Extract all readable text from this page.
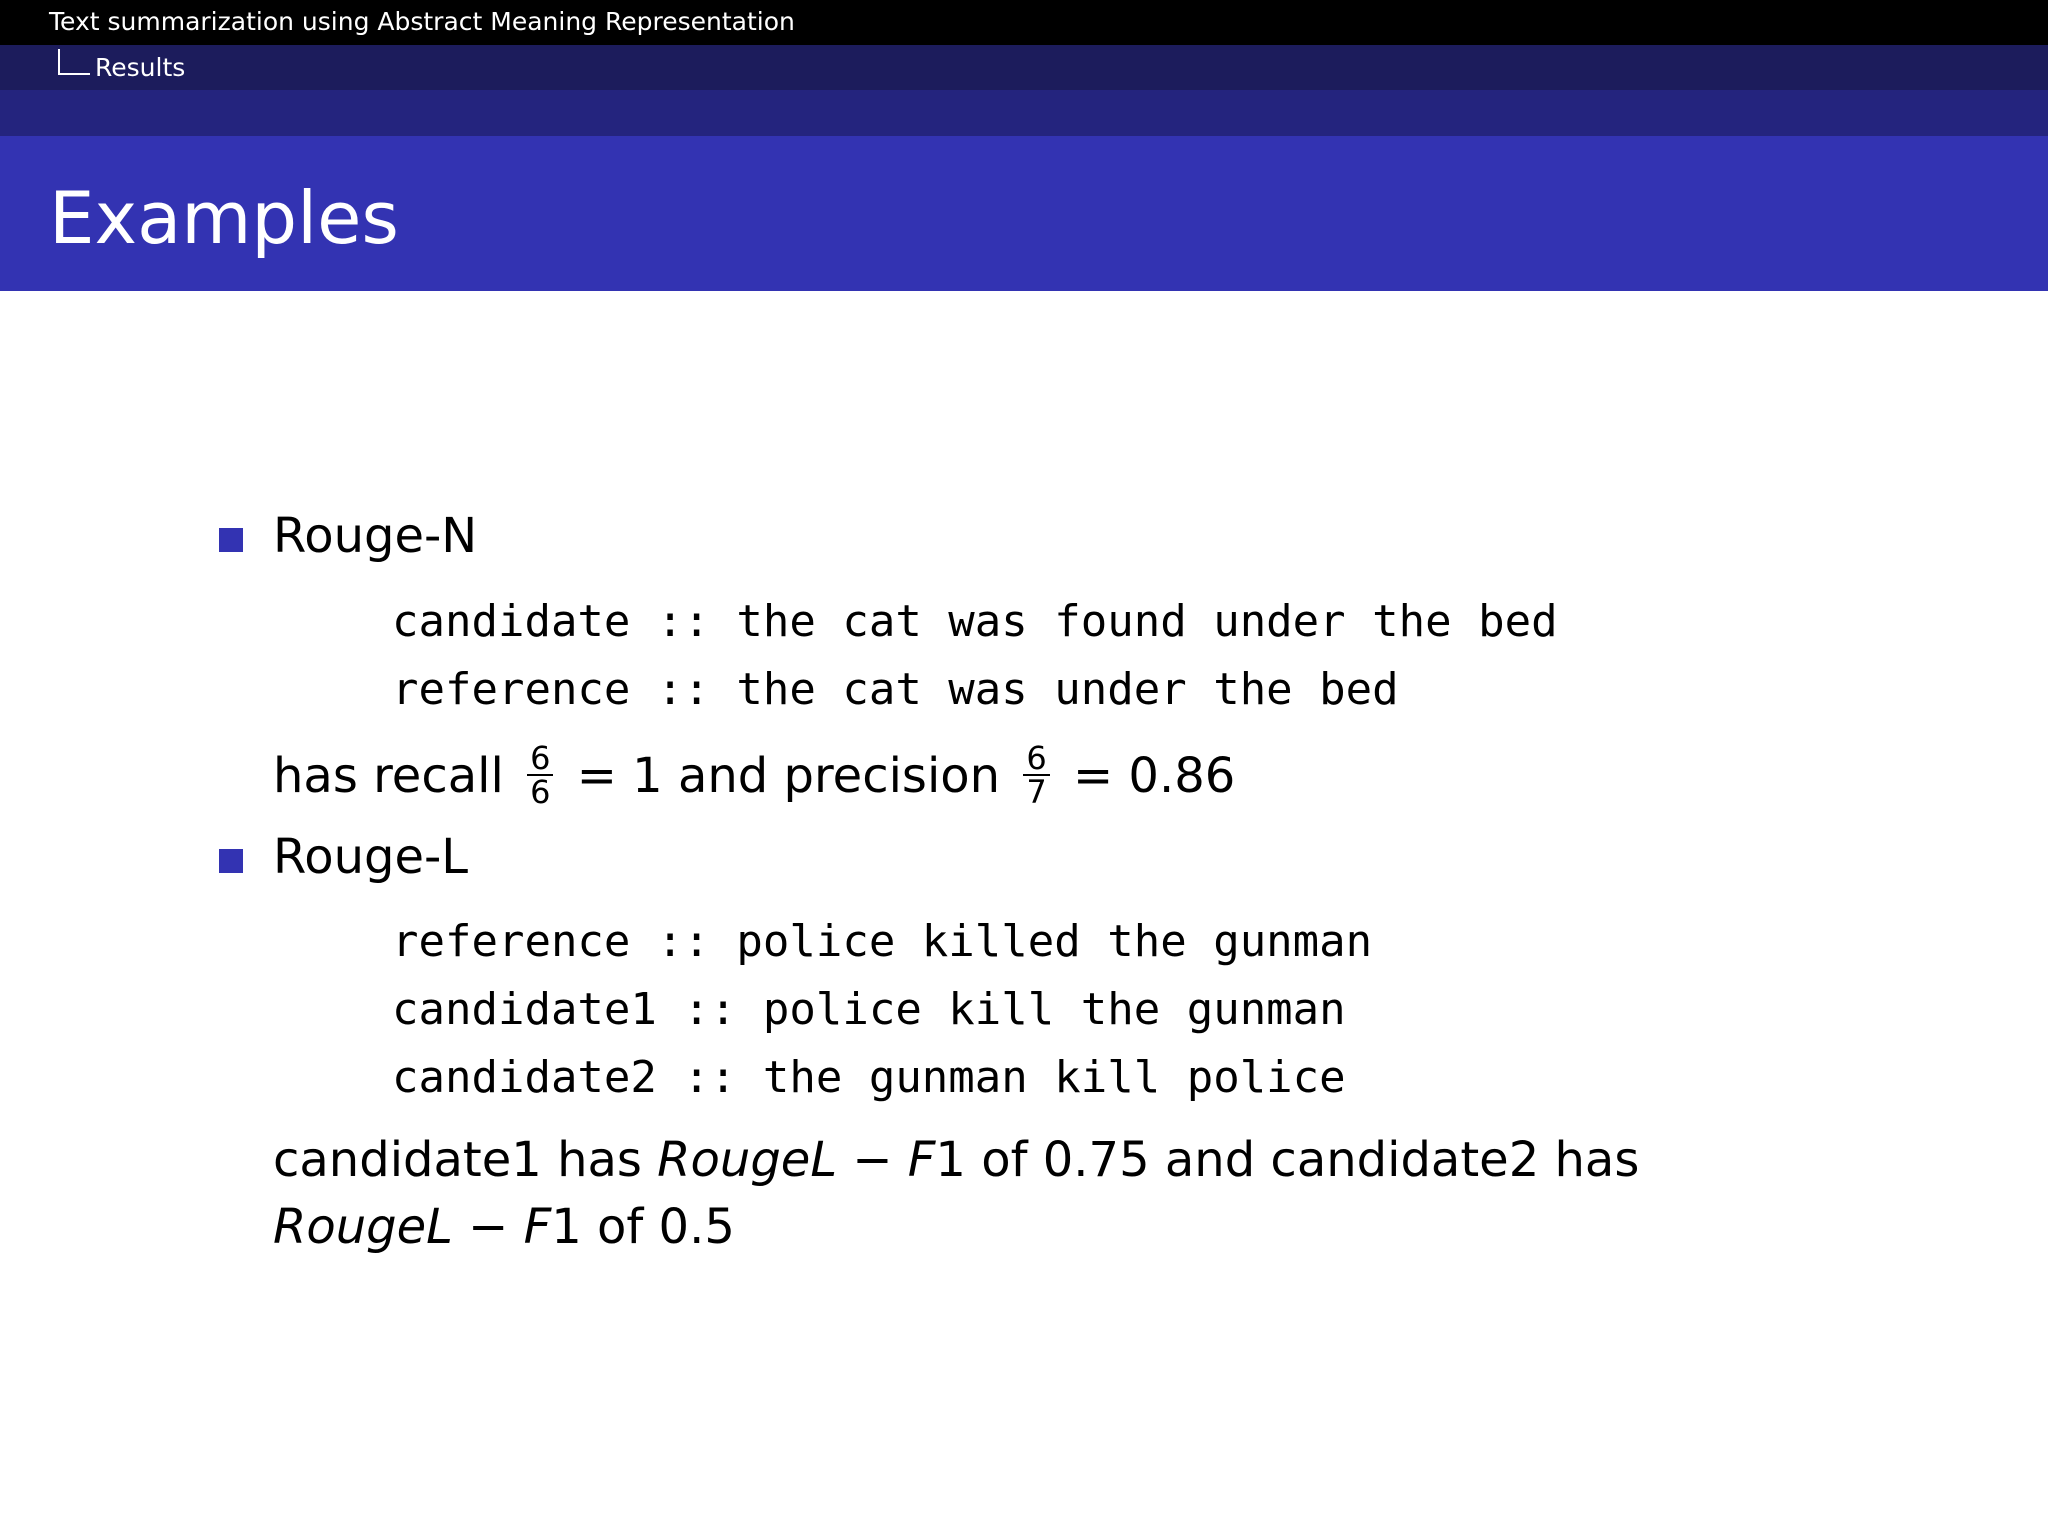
Text summarization using Abstract Meaning Representation
Results
Examples
Rouge-N
candidate :: the cat was found under the bed
reference :: the cat was under the bed
has recall $\frac{6}{6} = 1$ and precision $\frac{6}{7} = 0.86$
Rouge-L
reference :: police killed the gunman
candidate1 :: police kill the gunman
candidate2 :: the gunman kill police
candidate1 has RougeL − F1 of 0.75 and candidate2 has
RougeL − F1 of 0.5
